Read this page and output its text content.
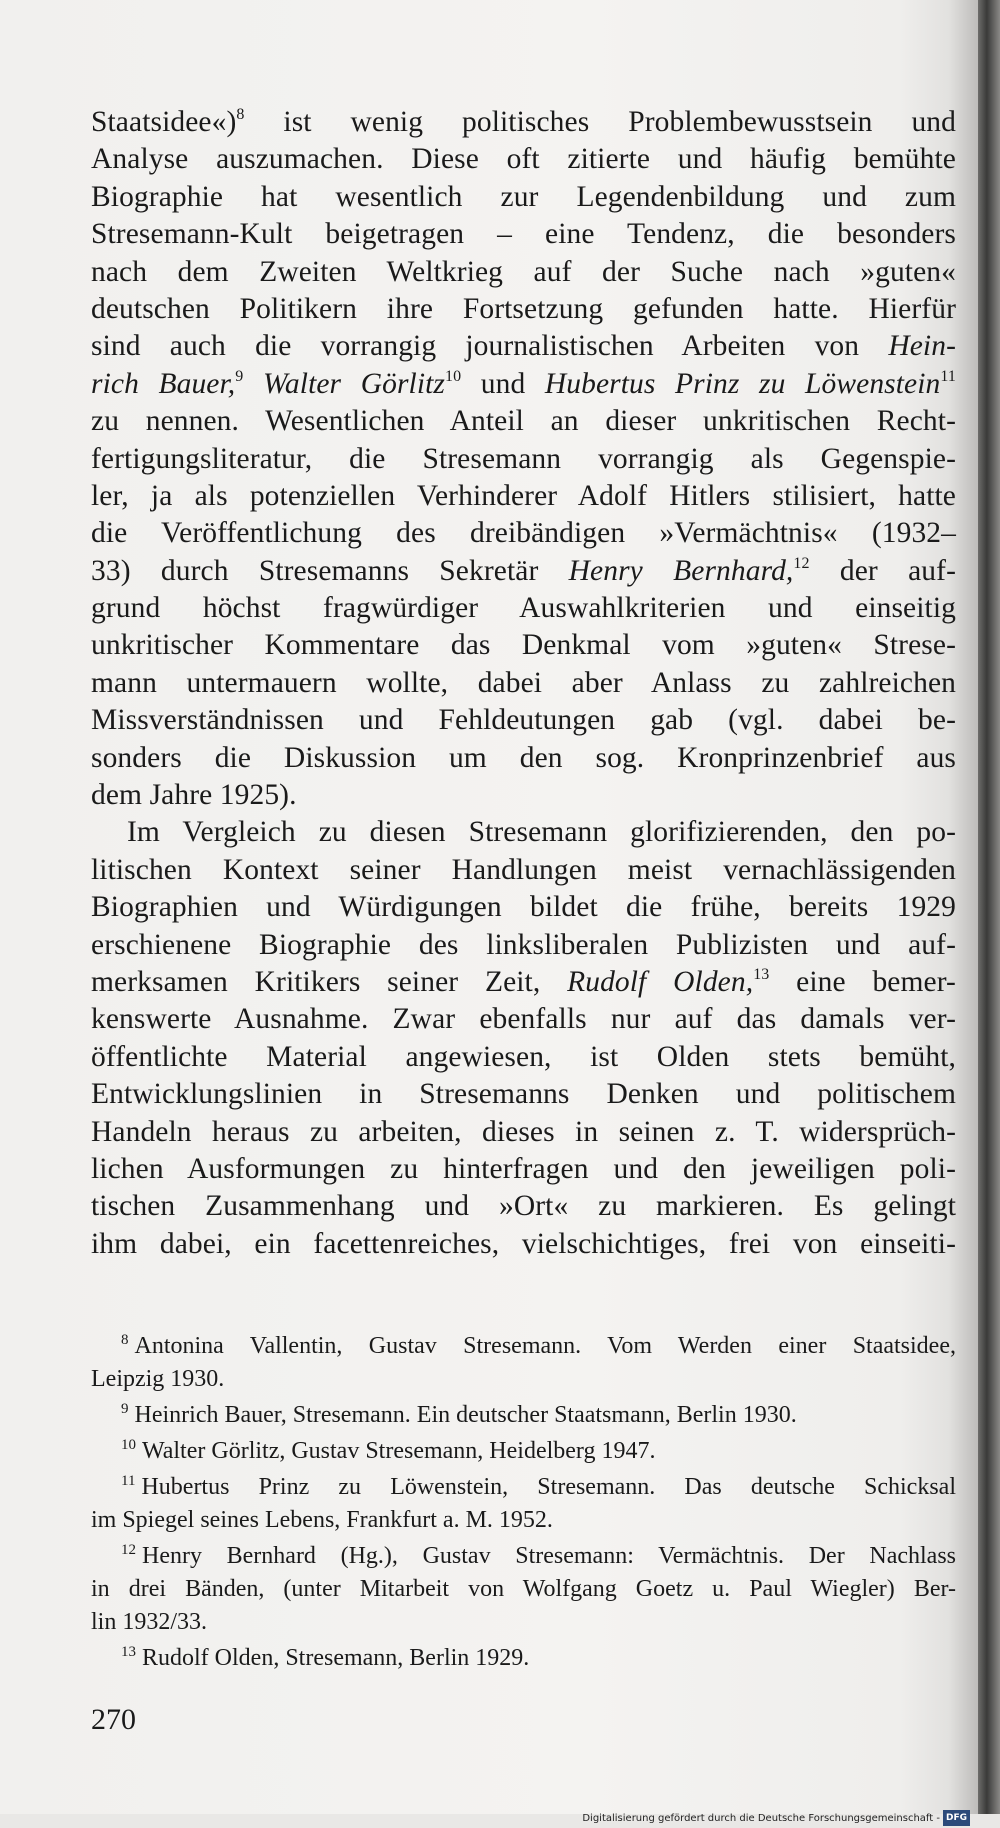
Staatsidee«)$^8$ ist wenig politisches Problembewusstsein und
Analyse auszumachen. Diese oft zitierte und häufig bemühte
Biographie hat wesentlich zur Legendenbildung und zum
Stresemann-Kult beigetragen – eine Tendenz, die besonders
nach dem Zweiten Weltkrieg auf der Suche nach »guten«
deutschen Politikern ihre Fortsetzung gefunden hatte. Hierfür
sind auch die vorrangig journalistischen Arbeiten von Hein-
rich Bauer,$^9$ Walter Görlitz$^{10}$ und Hubertus Prinz zu Löwenstein$^{11}$
zu nennen. Wesentlichen Anteil an dieser unkritischen Recht-
fertigungsliteratur, die Stresemann vorrangig als Gegenspie-
ler, ja als potenziellen Verhinderer Adolf Hitlers stilisiert, hatte
die Veröffentlichung des dreibändigen »Vermächtnis« (1932–
33) durch Stresemanns Sekretär Henry Bernhard,$^{12}$ der auf-
grund höchst fragwürdiger Auswahlkriterien und einseitig
unkritischer Kommentare das Denkmal vom »guten« Strese-
mann untermauern wollte, dabei aber Anlass zu zahlreichen
Missverständnissen und Fehldeutungen gab (vgl. dabei be-
sonders die Diskussion um den sog. Kronprinzenbrief aus
dem Jahre 1925).
Im Vergleich zu diesen Stresemann glorifizierenden, den po-
litischen Kontext seiner Handlungen meist vernachlässigenden
Biographien und Würdigungen bildet die frühe, bereits 1929
erschienene Biographie des linksliberalen Publizisten und auf-
merksamen Kritikers seiner Zeit, Rudolf Olden,$^{13}$ eine bemer-
kenswerte Ausnahme. Zwar ebenfalls nur auf das damals ver-
öffentlichte Material angewiesen, ist Olden stets bemüht,
Entwicklungslinien in Stresemanns Denken und politischem
Handeln heraus zu arbeiten, dieses in seinen z. T. widersprüch-
lichen Ausformungen zu hinterfragen und den jeweiligen poli-
tischen Zusammenhang und »Ort« zu markieren. Es gelingt
ihm dabei, ein facettenreiches, vielschichtiges, frei von einseiti-
$^8$ Antonina Vallentin, Gustav Stresemann. Vom Werden einer Staatsidee,
Leipzig 1930.
$^9$ Heinrich Bauer, Stresemann. Ein deutscher Staatsmann, Berlin 1930.
$^{10}$ Walter Görlitz, Gustav Stresemann, Heidelberg 1947.
$^{11}$ Hubertus Prinz zu Löwenstein, Stresemann. Das deutsche Schicksal
im Spiegel seines Lebens, Frankfurt a. M. 1952.
$^{12}$ Henry Bernhard (Hg.), Gustav Stresemann: Vermächtnis. Der Nachlass
in drei Bänden, (unter Mitarbeit von Wolfgang Goetz u. Paul Wiegler) Ber-
lin 1932/33.
$^{13}$ Rudolf Olden, Stresemann, Berlin 1929.
270
Digitalisierung gefördert durch die Deutsche Forschungsgemeinschaft - DFG
